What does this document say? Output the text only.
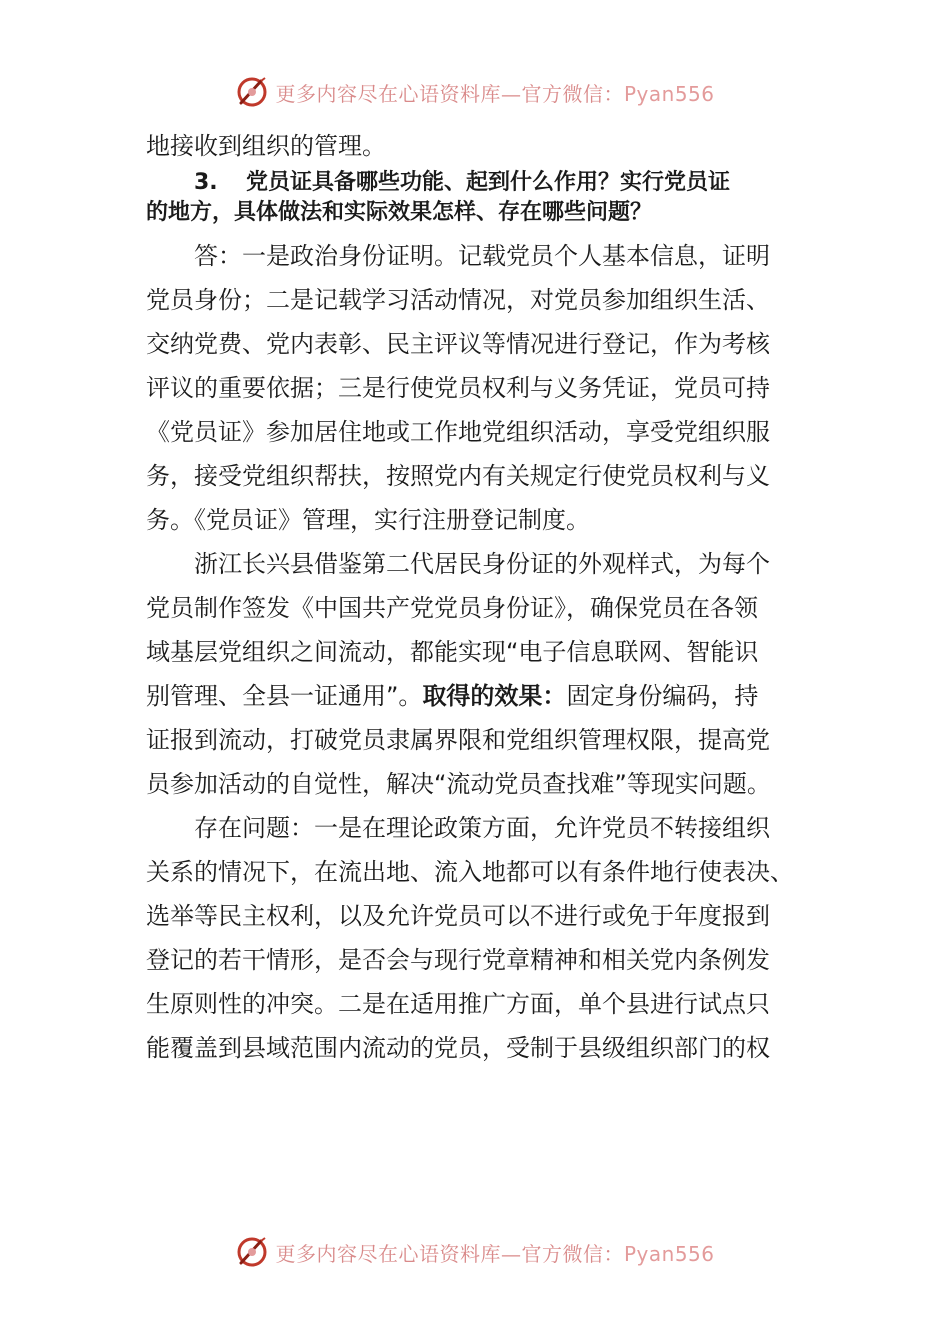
更多内容尽在心语资料库—官方微信：Pyan556
地接收到组织的管理。
3. 党员证具备哪些功能、起到什么作用？实行党员证
的地方，具体做法和实际效果怎样、存在哪些问题？
答：一是政治身份证明。记载党员个人基本信息，证明
党员身份；二是记载学习活动情况，对党员参加组织生活、
交纳党费、党内表彰、民主评议等情况进行登记，作为考核
评议的重要依据；三是行使党员权利与义务凭证，党员可持
《党员证》参加居住地或工作地党组织活动，享受党组织服
务，接受党组织帮扶，按照党内有关规定行使党员权利与义
务。《党员证》管理，实行注册登记制度。
浙江长兴县借鉴第二代居民身份证的外观样式，为每个
党员制作签发《中国共产党党员身份证》，确保党员在各领
域基层党组织之间流动，都能实现“电子信息联网、智能识
别管理、全县一证通用”。取得的效果：固定身份编码，持
证报到流动，打破党员隶属界限和党组织管理权限，提高党
员参加活动的自觉性，解决“流动党员查找难”等现实问题。
存在问题：一是在理论政策方面，允许党员不转接组织
关系的情况下，在流出地、流入地都可以有条件地行使表决、
选举等民主权利，以及允许党员可以不进行或免于年度报到
登记的若干情形，是否会与现行党章精神和相关党内条例发
生原则性的冲突。二是在适用推广方面，单个县进行试点只
能覆盖到县域范围内流动的党员，受制于县级组织部门的权
更多内容尽在心语资料库—官方微信：Pyan556
